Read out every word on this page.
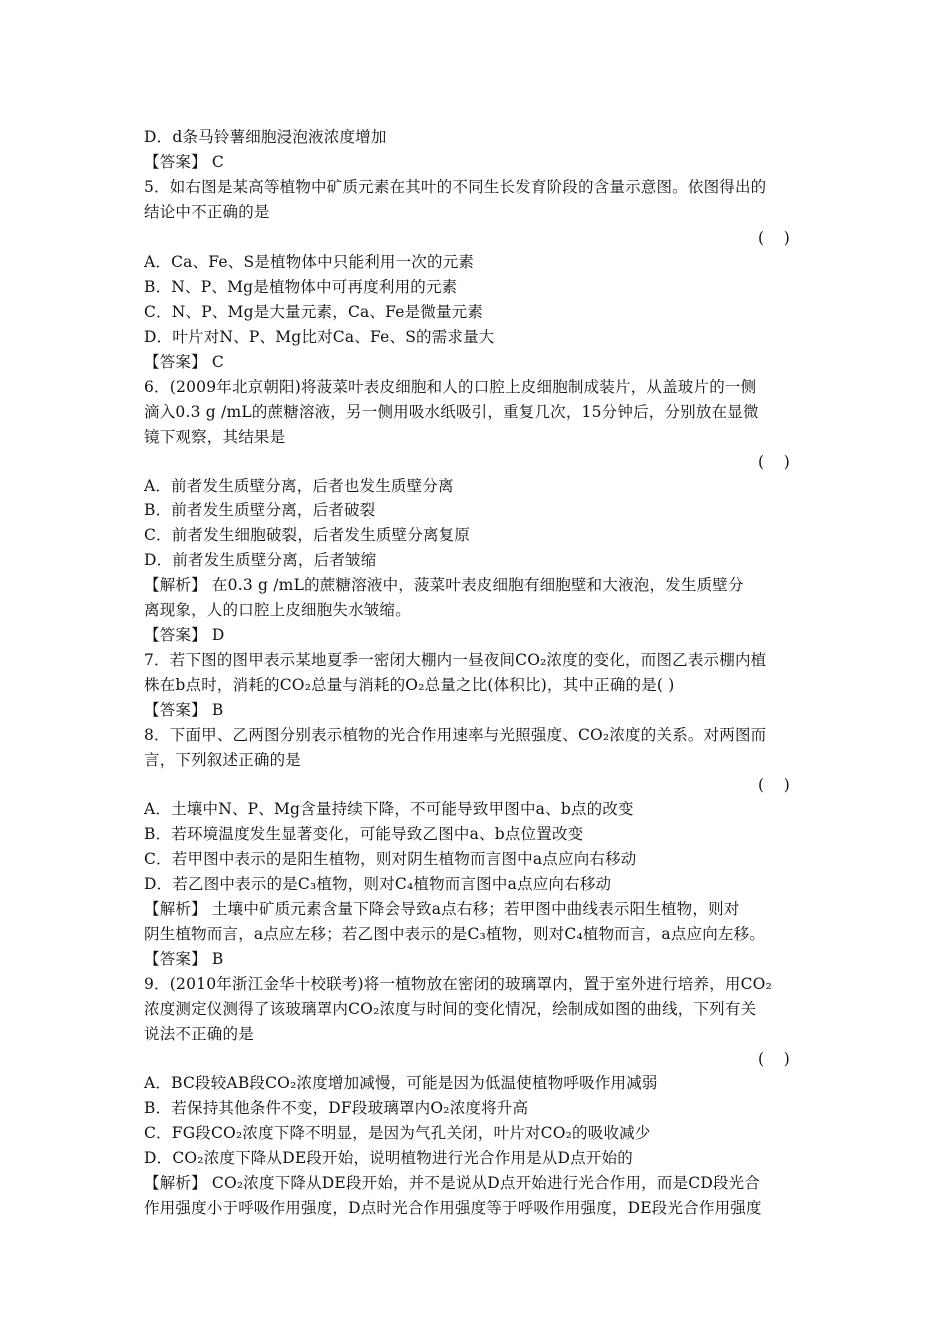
D．d条马铃薯细胞浸泡液浓度增加
【答案】 C
5．如右图是某高等植物中矿质元素在其叶的不同生长发育阶段的含量示意图。依图得出的
结论中不正确的是
(    )
A．Ca、Fe、S是植物体中只能利用一次的元素
B．N、P、Mg是植物体中可再度利用的元素
C．N、P、Mg是大量元素，Ca、Fe是微量元素
D．叶片对N、P、Mg比对Ca、Fe、S的需求量大
【答案】 C
6．(2009年北京朝阳)将菠菜叶表皮细胞和人的口腔上皮细胞制成装片，从盖玻片的一侧
滴入0.3 g /mL的蔗糖溶液，另一侧用吸水纸吸引，重复几次，15分钟后，分别放在显微
镜下观察，其结果是
(    )
A．前者发生质壁分离，后者也发生质壁分离
B．前者发生质壁分离，后者破裂
C．前者发生细胞破裂，后者发生质壁分离复原
D．前者发生质壁分离，后者皱缩
【解析】 在0.3 g /mL的蔗糖溶液中，菠菜叶表皮细胞有细胞壁和大液泡，发生质壁分
离现象，人的口腔上皮细胞失水皱缩。
【答案】 D
7．若下图的图甲表示某地夏季一密闭大棚内一昼夜间CO₂浓度的变化，而图乙表示棚内植
株在b点时，消耗的CO₂总量与消耗的O₂总量之比(体积比)，其中正确的是( )
【答案】 B
8．下面甲、乙两图分别表示植物的光合作用速率与光照强度、CO₂浓度的关系。对两图而
言，下列叙述正确的是
(    )
A．土壤中N、P、Mg含量持续下降，不可能导致甲图中a、b点的改变
B．若环境温度发生显著变化，可能导致乙图中a、b点位置改变
C．若甲图中表示的是阳生植物，则对阴生植物而言图中a点应向右移动
D．若乙图中表示的是C₃植物，则对C₄植物而言图中a点应向右移动
【解析】 土壤中矿质元素含量下降会导致a点右移；若甲图中曲线表示阳生植物，则对
阴生植物而言，a点应左移；若乙图中表示的是C₃植物，则对C₄植物而言，a点应向左移。
【答案】 B
9．(2010年浙江金华十校联考)将一植物放在密闭的玻璃罩内，置于室外进行培养，用CO₂
浓度测定仪测得了该玻璃罩内CO₂浓度与时间的变化情况，绘制成如图的曲线，下列有关
说法不正确的是
(    )
A．BC段较AB段CO₂浓度增加减慢，可能是因为低温使植物呼吸作用减弱
B．若保持其他条件不变，DF段玻璃罩内O₂浓度将升高
C．FG段CO₂浓度下降不明显，是因为气孔关闭，叶片对CO₂的吸收减少
D．CO₂浓度下降从DE段开始，说明植物进行光合作用是从D点开始的
【解析】 CO₂浓度下降从DE段开始，并不是说从D点开始进行光合作用，而是CD段光合
作用强度小于呼吸作用强度，D点时光合作用强度等于呼吸作用强度，DE段光合作用强度
